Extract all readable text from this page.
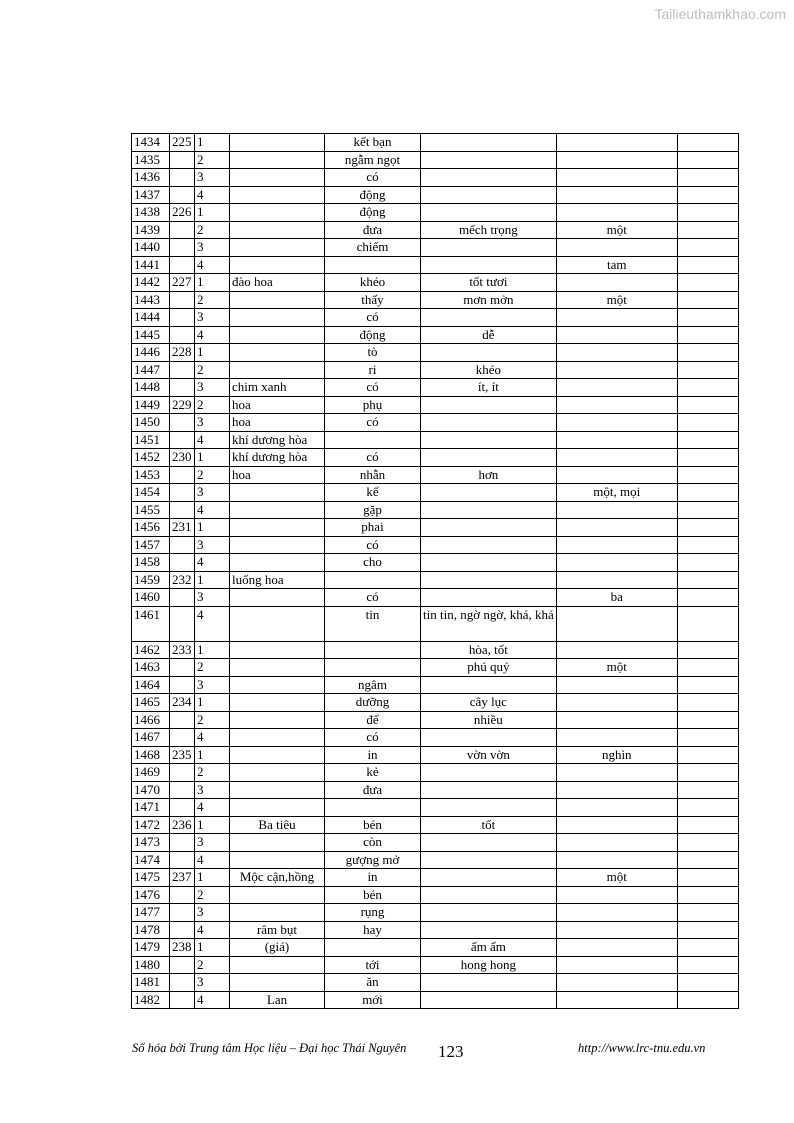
Tailieuthamkhao.com
1434	225	1		kết bạn			
1435		2		ngẫm ngọt			
1436		3		có			
1437		4		động			
1438	226	1		động			
1439		2		đưa	mếch trọng	một	
1440		3		chiếm			
1441		4				tam	
1442	227	1	đào hoa	khéo	tốt tươi		
1443		2		thấy	mơn mởn	một	
1444		3		có			
1445		4		động	dễ		
1446	228	1		tò			
1447		2		ri	khéo		
1448		3	chim xanh	có	ít, ít		
1449	229	2	hoa	phụ			
1450		3	hoa	có			
1451		4	khí dương hòa				
1452	230	1	khí dương hòa	có			
1453		2	hoa	nhẫn	hơn		
1454		3		kể		một, mọi	
1455		4		gặp			
1456	231	1		phai			
1457		3		có			
1458		4		cho			
1459	232	1	luống hoa				
1460		3		có		ba	
1461		4		tin	tin tin, ngờ ngờ, khá, khá		
1462	233	1			hòa, tốt		
1463		2			phú quý	một	
1464		3		ngâm			
1465	234	1		dưỡng	cây lục		
1466		2		để	nhiều		
1467		4		có			
1468	235	1		in	vờn vờn	nghìn	
1469		2		kẻ			
1470		3		đưa			
1471		4					
1472	236	1	Ba tiêu	bén	tốt		
1473		3		còn			
1474		4		gượng mở			
1475	237	1	Mộc cận,hồng	in		một	
1476		2		bén			
1477		3		rụng			
1478		4	râm bụt	hay			
1479	238	1	(giá)		ấm ấm		
1480		2		tới	hong hong		
1481		3		ăn			
1482		4	Lan	mới			
Số hóa bởi Trung tâm Học liệu – Đại học Thái Nguyên 123	http://www.lrc-tnu.edu.vn
